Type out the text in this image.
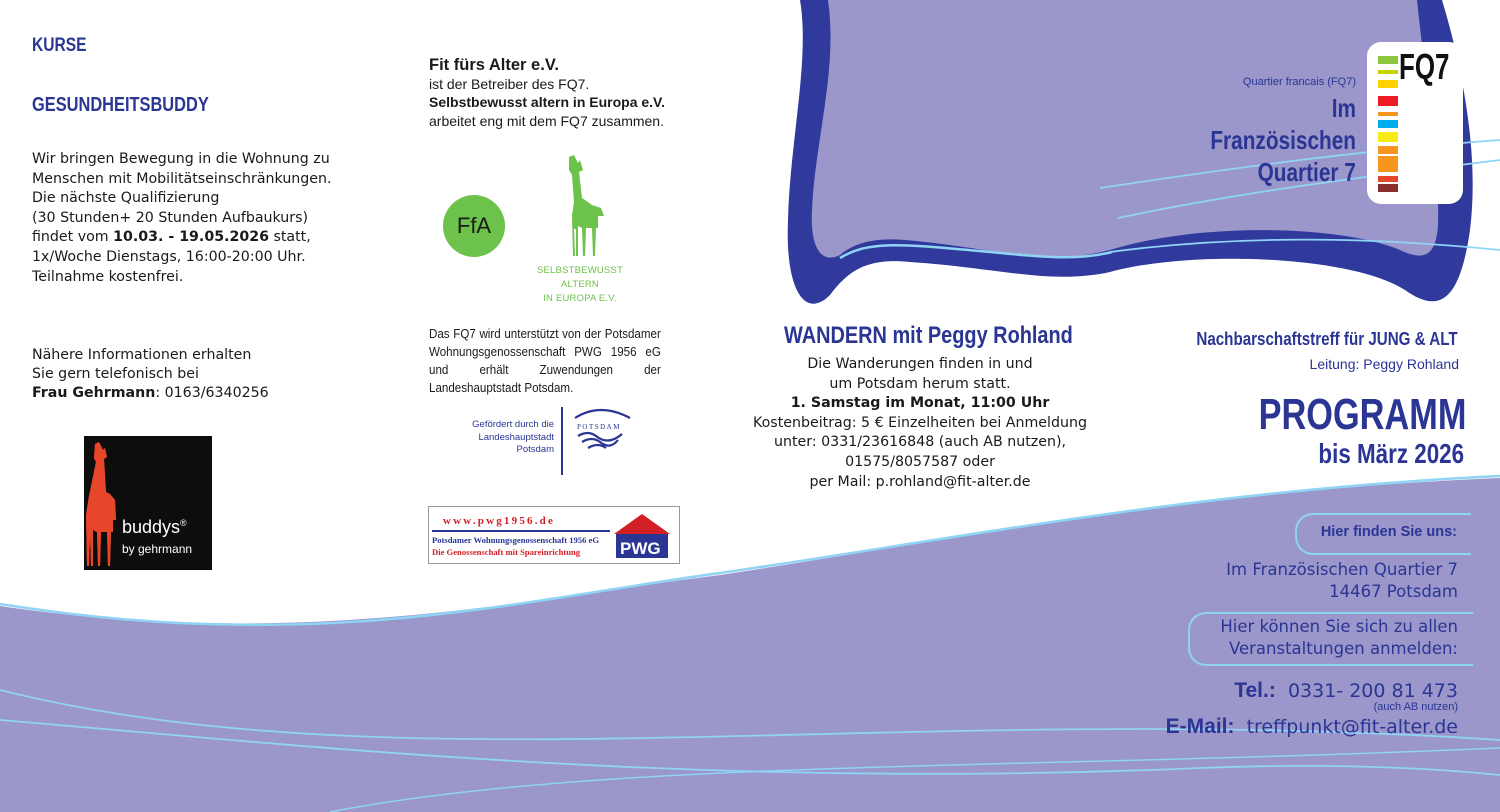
PWG
FQ7
KURSE
GESUNDHEITSBUDDY

Wir bringen Bewegung in die Wohnung zu

Menschen mit Mobilitätseinschränkungen.

Die nächste Qualifizierung

(30 Stunden+ 20 Stunden Aufbaukurs)

findet vom 10.03. - 19.05.2026 statt,

1x/Woche Dienstags, 16:00-20:00 Uhr.

Teilnahme kostenfrei.

Nähere Informationen erhalten

Sie gern telefonisch bei

Frau Gehrmann: 0163/6340256

buddys®
by gehrmann
Fit fürs Alter e.V.
ist der Betreiber des FQ7.
Selbstbewusst altern in Europa e.V.
arbeitet eng mit dem FQ7 zusammen.
FfA
SELBSTBEWUSST ALTERN
IN EUROPA E.V.
Das FQ7 wird unterstützt von der Potsdamer Wohnungsgenossenschaft PWG 1956 eG und erhält Zuwendungen der Landeshauptstadt Potsdam.
Gefördert durch die
Landeshauptstadt
Potsdam
POTSDAM
www.pwg1956.de
Potsdamer Wohnungsgenossenschaft 1956 eG
Die Genossenschaft mit Spareinrichtung
WANDERN mit Peggy Rohland

Die Wanderungen finden in und

um Potsdam herum statt.

1. Samstag im Monat, 11:00 Uhr

Kostenbeitrag: 5 € Einzelheiten bei Anmeldung

unter: 0331/23616848 (auch AB nutzen),

01575/8057587 oder

per Mail: p.rohland@fit-alter.de

Quartier francais (FQ7)
Im Französischen
Quartier 7
Nachbarschaftstreff für JUNG & ALT
Leitung: Peggy Rohland
PROGRAMM
bis März 2026
Hier finden Sie uns:
Im Französischen Quartier 7
14467 Potsdam
Hier können Sie sich zu allen
Veranstaltungen anmelden:
Tel.: 0331- 200 81 473
(auch AB nutzen)
E-Mail: treffpunkt@fit-alter.de
